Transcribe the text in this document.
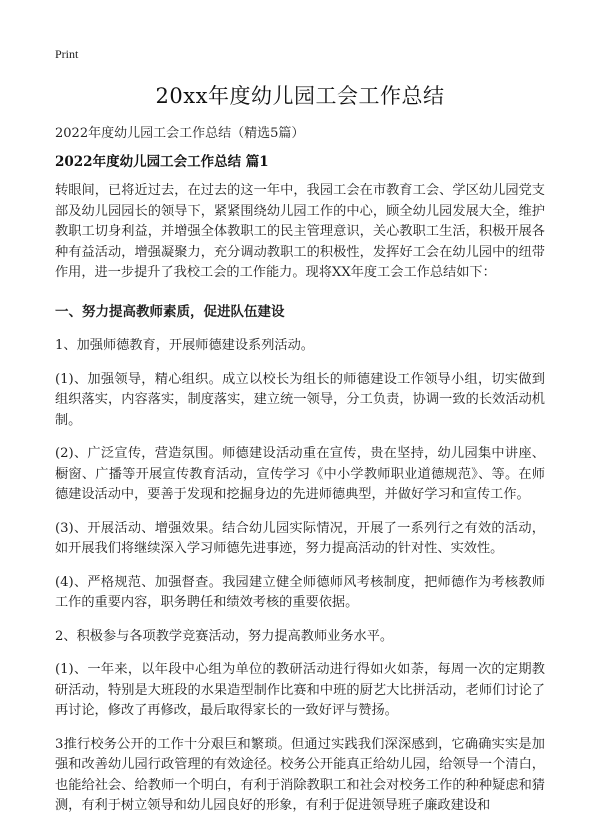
Print
20xx年度幼儿园工会工作总结
2022年度幼儿园工会工作总结（精选5篇）
2022年度幼儿园工会工作总结 篇1

转眼间，已将近过去，在过去的这一年中，我园工会在市教育工会、学区幼儿园党支部及幼儿园园长的领导下，紧紧围绕幼儿园工作的中心，顾全幼儿园发展大全，维护教职工切身利益，并增强全体教职工的民主管理意识，关心教职工生活，积极开展各种有益活动，增强凝聚力，充分调动教职工的积极性，发挥好工会在幼儿园中的纽带作用，进一步提升了我校工会的工作能力。现将XX年度工会工作总结如下：

一、努力提高教师素质，促进队伍建设

1、加强师德教育，开展师德建设系列活动。

(1)、加强领导，精心组织。成立以校长为组长的师德建设工作领导小组，切实做到组织落实，内容落实，制度落实，建立统一领导，分工负责，协调一致的长效活动机制。

(2)、广泛宣传，营造氛围。师德建设活动重在宣传，贵在坚持，幼儿园集中讲座、橱窗、广播等开展宣传教育活动，宣传学习《中小学教师职业道德规范》、等。在师德建设活动中，要善于发现和挖掘身边的先进师德典型，并做好学习和宣传工作。

(3)、开展活动、增强效果。结合幼儿园实际情况，开展了一系列行之有效的活动，如开展我们将继续深入学习师德先进事迹，努力提高活动的针对性、实效性。

(4)、严格规范、加强督查。我园建立健全师德师风考核制度，把师德作为考核教师工作的重要内容，职务聘任和绩效考核的重要依据。

2、积极参与各项教学竞赛活动，努力提高教师业务水平。

(1)、一年来，以年段中心组为单位的教研活动进行得如火如荼，每周一次的定期教研活动，特别是大班段的水果造型制作比赛和中班的厨艺大比拼活动，老师们讨论了再讨论，修改了再修改，最后取得家长的一致好评与赞扬。

3推行校务公开的工作十分艰巨和繁琐。但通过实践我们深深感到，它确确实实是加强和改善幼儿园行政管理的有效途径。校务公开能真正给幼儿园，给领导一个清白，也能给社会、给教师一个明白，有利于消除教职工和社会对校务工作的种种疑虑和猜测，有利于树立领导和幼儿园良好的形象，有利于促进领导班子廉政建设和
